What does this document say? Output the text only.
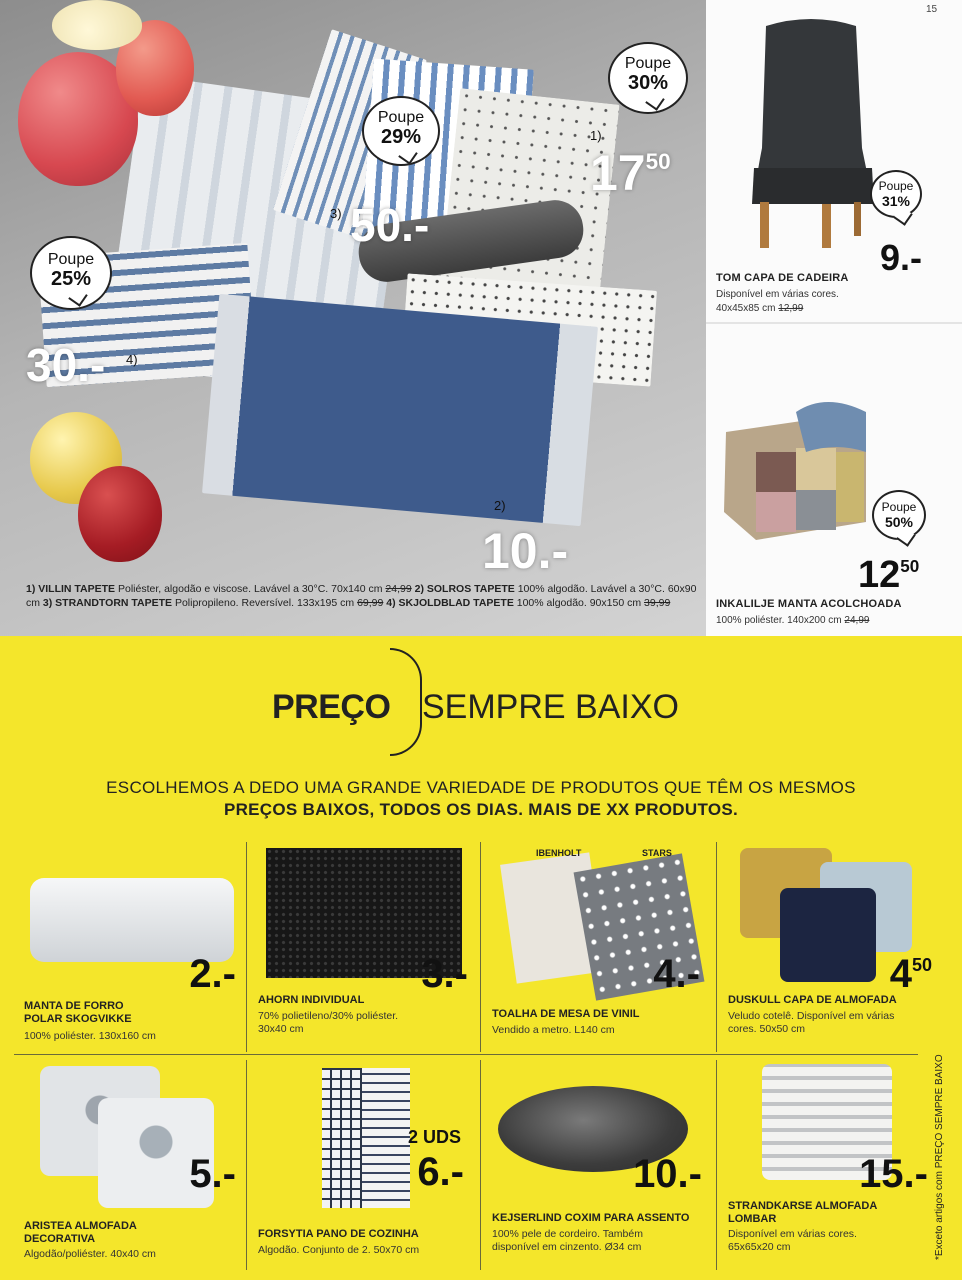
Poupe
29%
Poupe
30%
Poupe
25%
$17^{50}$
50.-
30.-
10.-
1)
2)
3)
4)
1) VILLIN TAPETE Poliéster, algodão e viscose. Lavável a 30°C. 70x140 cm 24,99 2) SOLROS TAPETE 100% algodão. Lavável a 30°C. 60x90 cm 3) STRANDTORN TAPETE Polipropileno. Reversível. 133x195 cm 69,99 4) SKJOLDBLAD TAPETE 100% algodão. 90x150 cm 39,99
15
Poupe
31%
9.-
TOM CAPA DE CADEIRA
Disponível em várias cores.
40x45x85 cm 12,99
Poupe
50%
$12^{50}$
INKALILJE MANTA ACOLCHOADA
100% poliéster. 140x200 cm 24,99
PREÇO SEMPRE BAIXO
ESCOLHEMOS A DEDO UMA GRANDE VARIEDADE DE PRODUTOS QUE TÊM OS MESMOS
PREÇOS BAIXOS, TODOS OS DIAS. MAIS DE XX PRODUTOS.
2.-
MANTA DE FORRO
POLAR SKOGVIKKE
100% poliéster. 130x160 cm
3.-
AHORN INDIVIDUAL
70% polietileno/30% poliéster.
30x40 cm
IBENHOLT	STARS
4.-
TOALHA DE MESA DE VINIL
Vendido a metro. L140 cm
$4^{50}$
DUSKULL CAPA DE ALMOFADA
Veludo cotelê. Disponível em várias
cores. 50x50 cm
5.-
ARISTEA ALMOFADA
DECORATIVA
Algodão/poliéster. 40x40 cm
2 UDS
6.-
FORSYTIA PANO DE COZINHA
Algodão. Conjunto de 2. 50x70 cm
10.-
KEJSERLIND COXIM PARA ASSENTO
100% pele de cordeiro. Também
disponível em cinzento. Ø34 cm
15.-
STRANDKARSE ALMOFADA
LOMBAR
Disponível em várias cores.
65x65x20 cm	*Exceto artigos com PREÇO SEMPRE BAIXO
